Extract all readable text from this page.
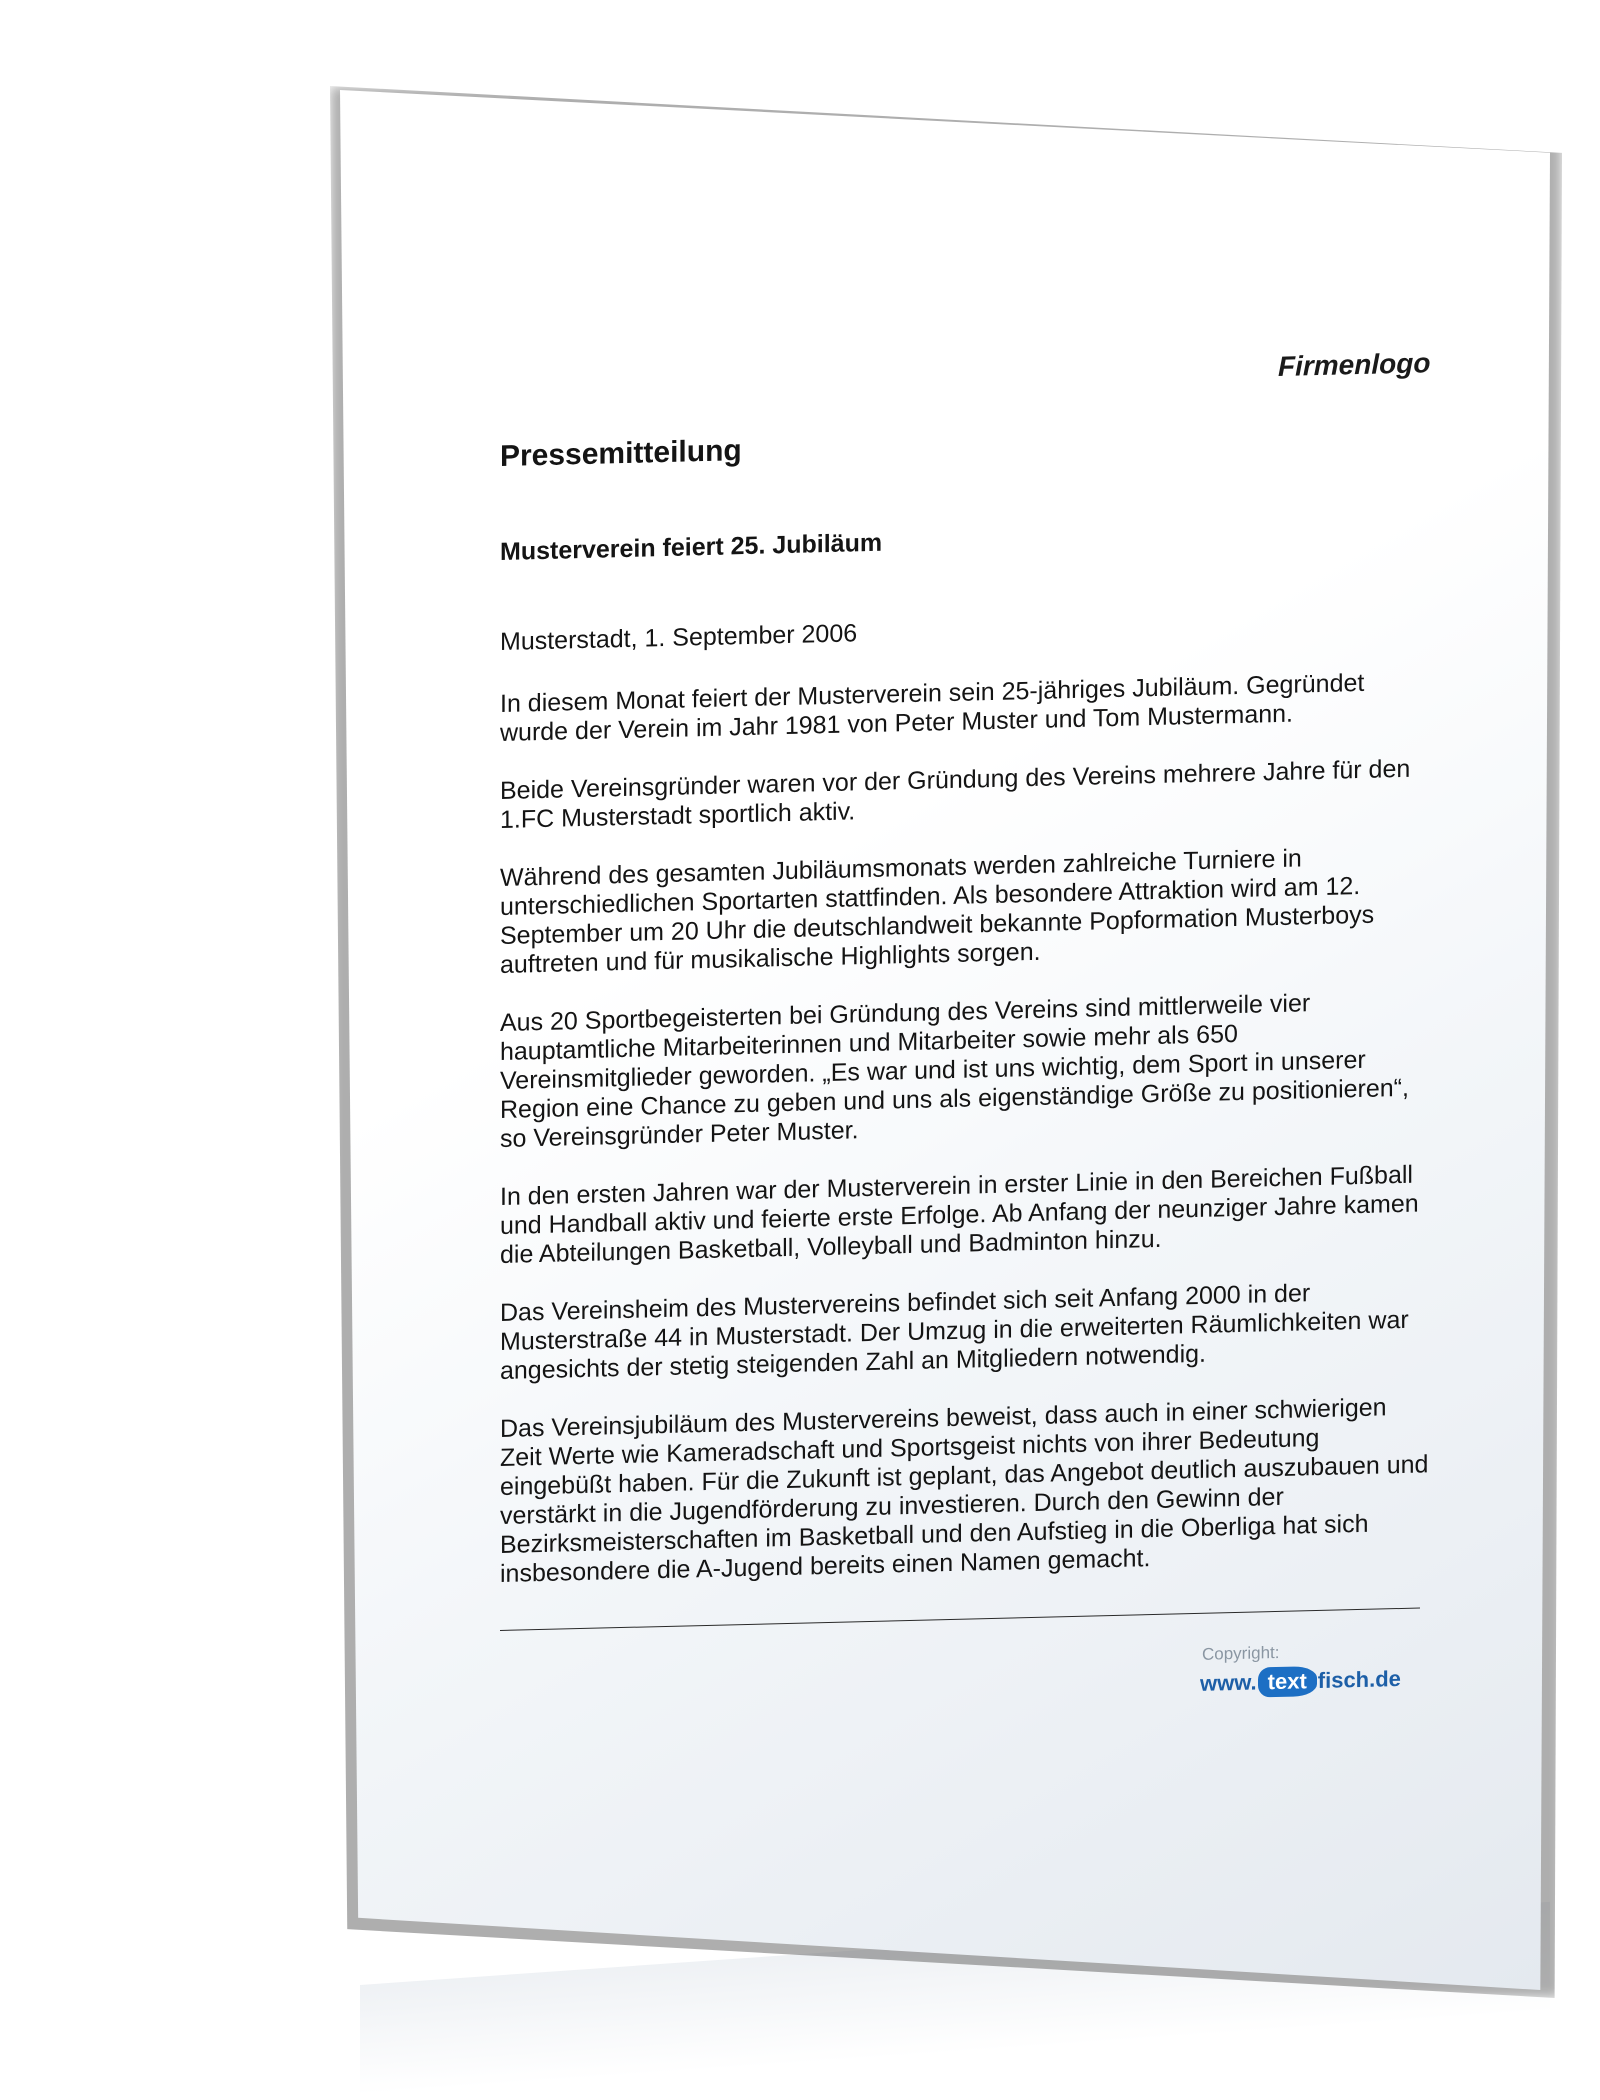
Firmenlogo
Pressemitteilung
Musterverein feiert 25. Jubiläum
Musterstadt, 1. September 2006

In diesem Monat feiert der Musterverein sein 25-jähriges Jubiläum. Gegründet wurde der Verein im Jahr 1981 von Peter Muster und Tom Mustermann.

Beide Vereinsgründer waren vor der Gründung des Vereins mehrere Jahre für den 1.FC Musterstadt sportlich aktiv.

Während des gesamten Jubiläumsmonats werden zahlreiche Turniere in unterschiedlichen Sportarten stattfinden. Als besondere Attraktion wird am 12. September um 20 Uhr die deutschlandweit bekannte Popformation Musterboys auftreten und für musikalische Highlights sorgen.

Aus 20 Sportbegeisterten bei Gründung des Vereins sind mittlerweile vier hauptamtliche Mitarbeiterinnen und Mitarbeiter sowie mehr als 650 Vereinsmitglieder geworden. „Es war und ist uns wichtig, dem Sport in unserer Region eine Chance zu geben und uns als eigenständige Größe zu positionieren“, so Vereinsgründer Peter Muster.

In den ersten Jahren war der Musterverein in erster Linie in den Bereichen Fußball und Handball aktiv und feierte erste Erfolge. Ab Anfang der neunziger Jahre kamen die Abteilungen Basketball, Volleyball und Badminton hinzu.

Das Vereinsheim des Mustervereins befindet sich seit Anfang 2000 in der Musterstraße 44 in Musterstadt. Der Umzug in die erweiterten Räumlichkeiten war angesichts der stetig steigenden Zahl an Mitgliedern notwendig.

Das Vereinsjubiläum des Mustervereins beweist, dass auch in einer schwierigen Zeit Werte wie Kameradschaft und Sportsgeist nichts von ihrer Bedeutung eingebüßt haben. Für die Zukunft ist geplant, das Angebot deutlich auszubauen und verstärkt in die Jugendförderung zu investieren. Durch den Gewinn der Bezirksmeisterschaften im Basketball und den Aufstieg in die Oberliga hat sich insbesondere die A-Jugend bereits einen Namen gemacht.

Copyright:
www. text fisch .de
